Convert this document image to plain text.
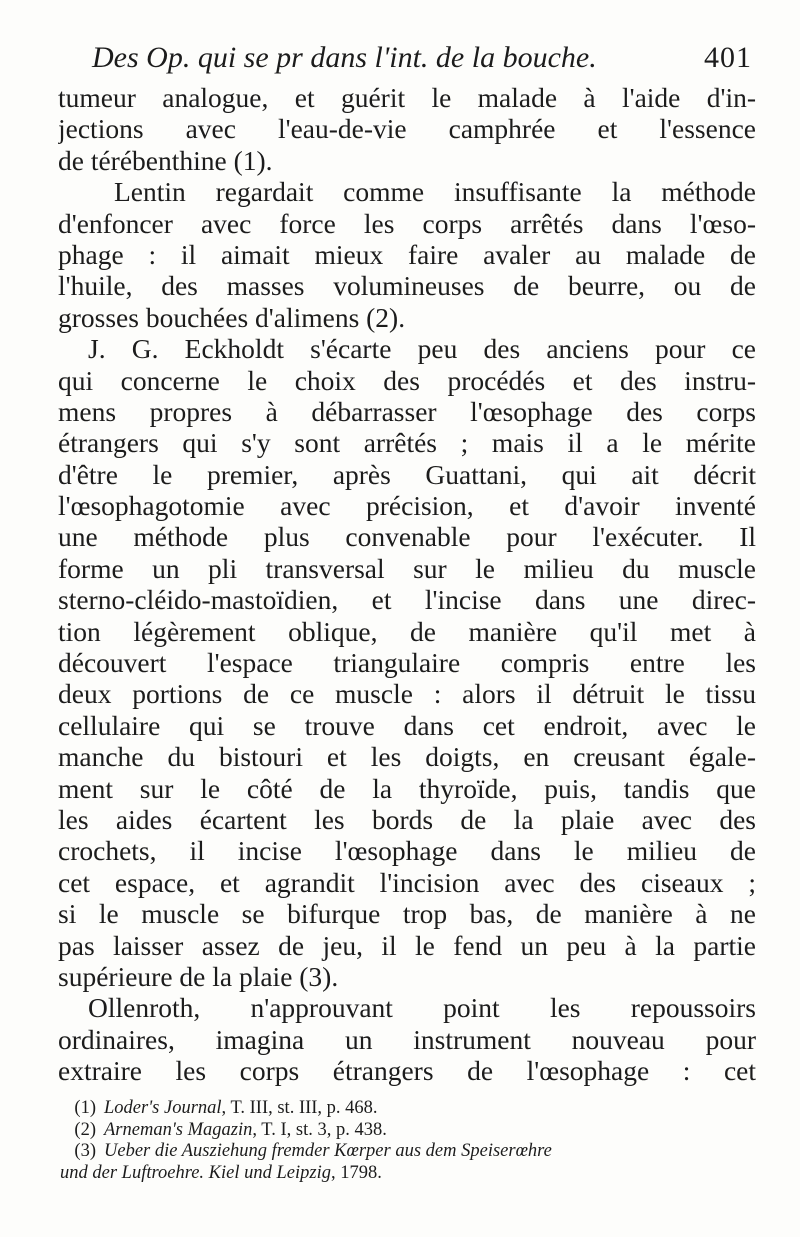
Des Op. qui se pr dans l'int. de la bouche.	401
tumeur analogue, et guérit le malade à l'aide d'in-
jections avec l'eau-de-vie camphrée et l'essence
de térébenthine (1).
Lentin regardait comme insuffisante la méthode
d'enfoncer avec force les corps arrêtés dans l'œso-
phage : il aimait mieux faire avaler au malade de
l'huile, des masses volumineuses de beurre, ou de
grosses bouchées d'alimens (2).
J. G. Eckholdt s'écarte peu des anciens pour ce
qui concerne le choix des procédés et des instru-
mens propres à débarrasser l'œsophage des corps
étrangers qui s'y sont arrêtés ; mais il a le mérite
d'être le premier, après Guattani, qui ait décrit
l'œsophagotomie avec précision, et d'avoir inventé
une méthode plus convenable pour l'exécuter. Il
forme un pli transversal sur le milieu du muscle
sterno-cléido-mastoïdien, et l'incise dans une direc-
tion légèrement oblique, de manière qu'il met à
découvert l'espace triangulaire compris entre les
deux portions de ce muscle : alors il détruit le tissu
cellulaire qui se trouve dans cet endroit, avec le
manche du bistouri et les doigts, en creusant égale-
ment sur le côté de la thyroïde, puis, tandis que
les aides écartent les bords de la plaie avec des
crochets, il incise l'œsophage dans le milieu de
cet espace, et agrandit l'incision avec des ciseaux ;
si le muscle se bifurque trop bas, de manière à ne
pas laisser assez de jeu, il le fend un peu à la partie
supérieure de la plaie (3).
Ollenroth, n'approuvant point les repoussoirs
ordinaires, imagina un instrument nouveau pour
extraire les corps étrangers de l'œsophage : cet
(1) Loder's Journal, T. III, st. III, p. 468.
(2) Arneman's Magazin, T. I, st. 3, p. 438.
(3) Ueber die Ausziehung fremder Kœrper aus dem Speiserœhre
und der Luftroehre. Kiel und Leipzig, 1798.
